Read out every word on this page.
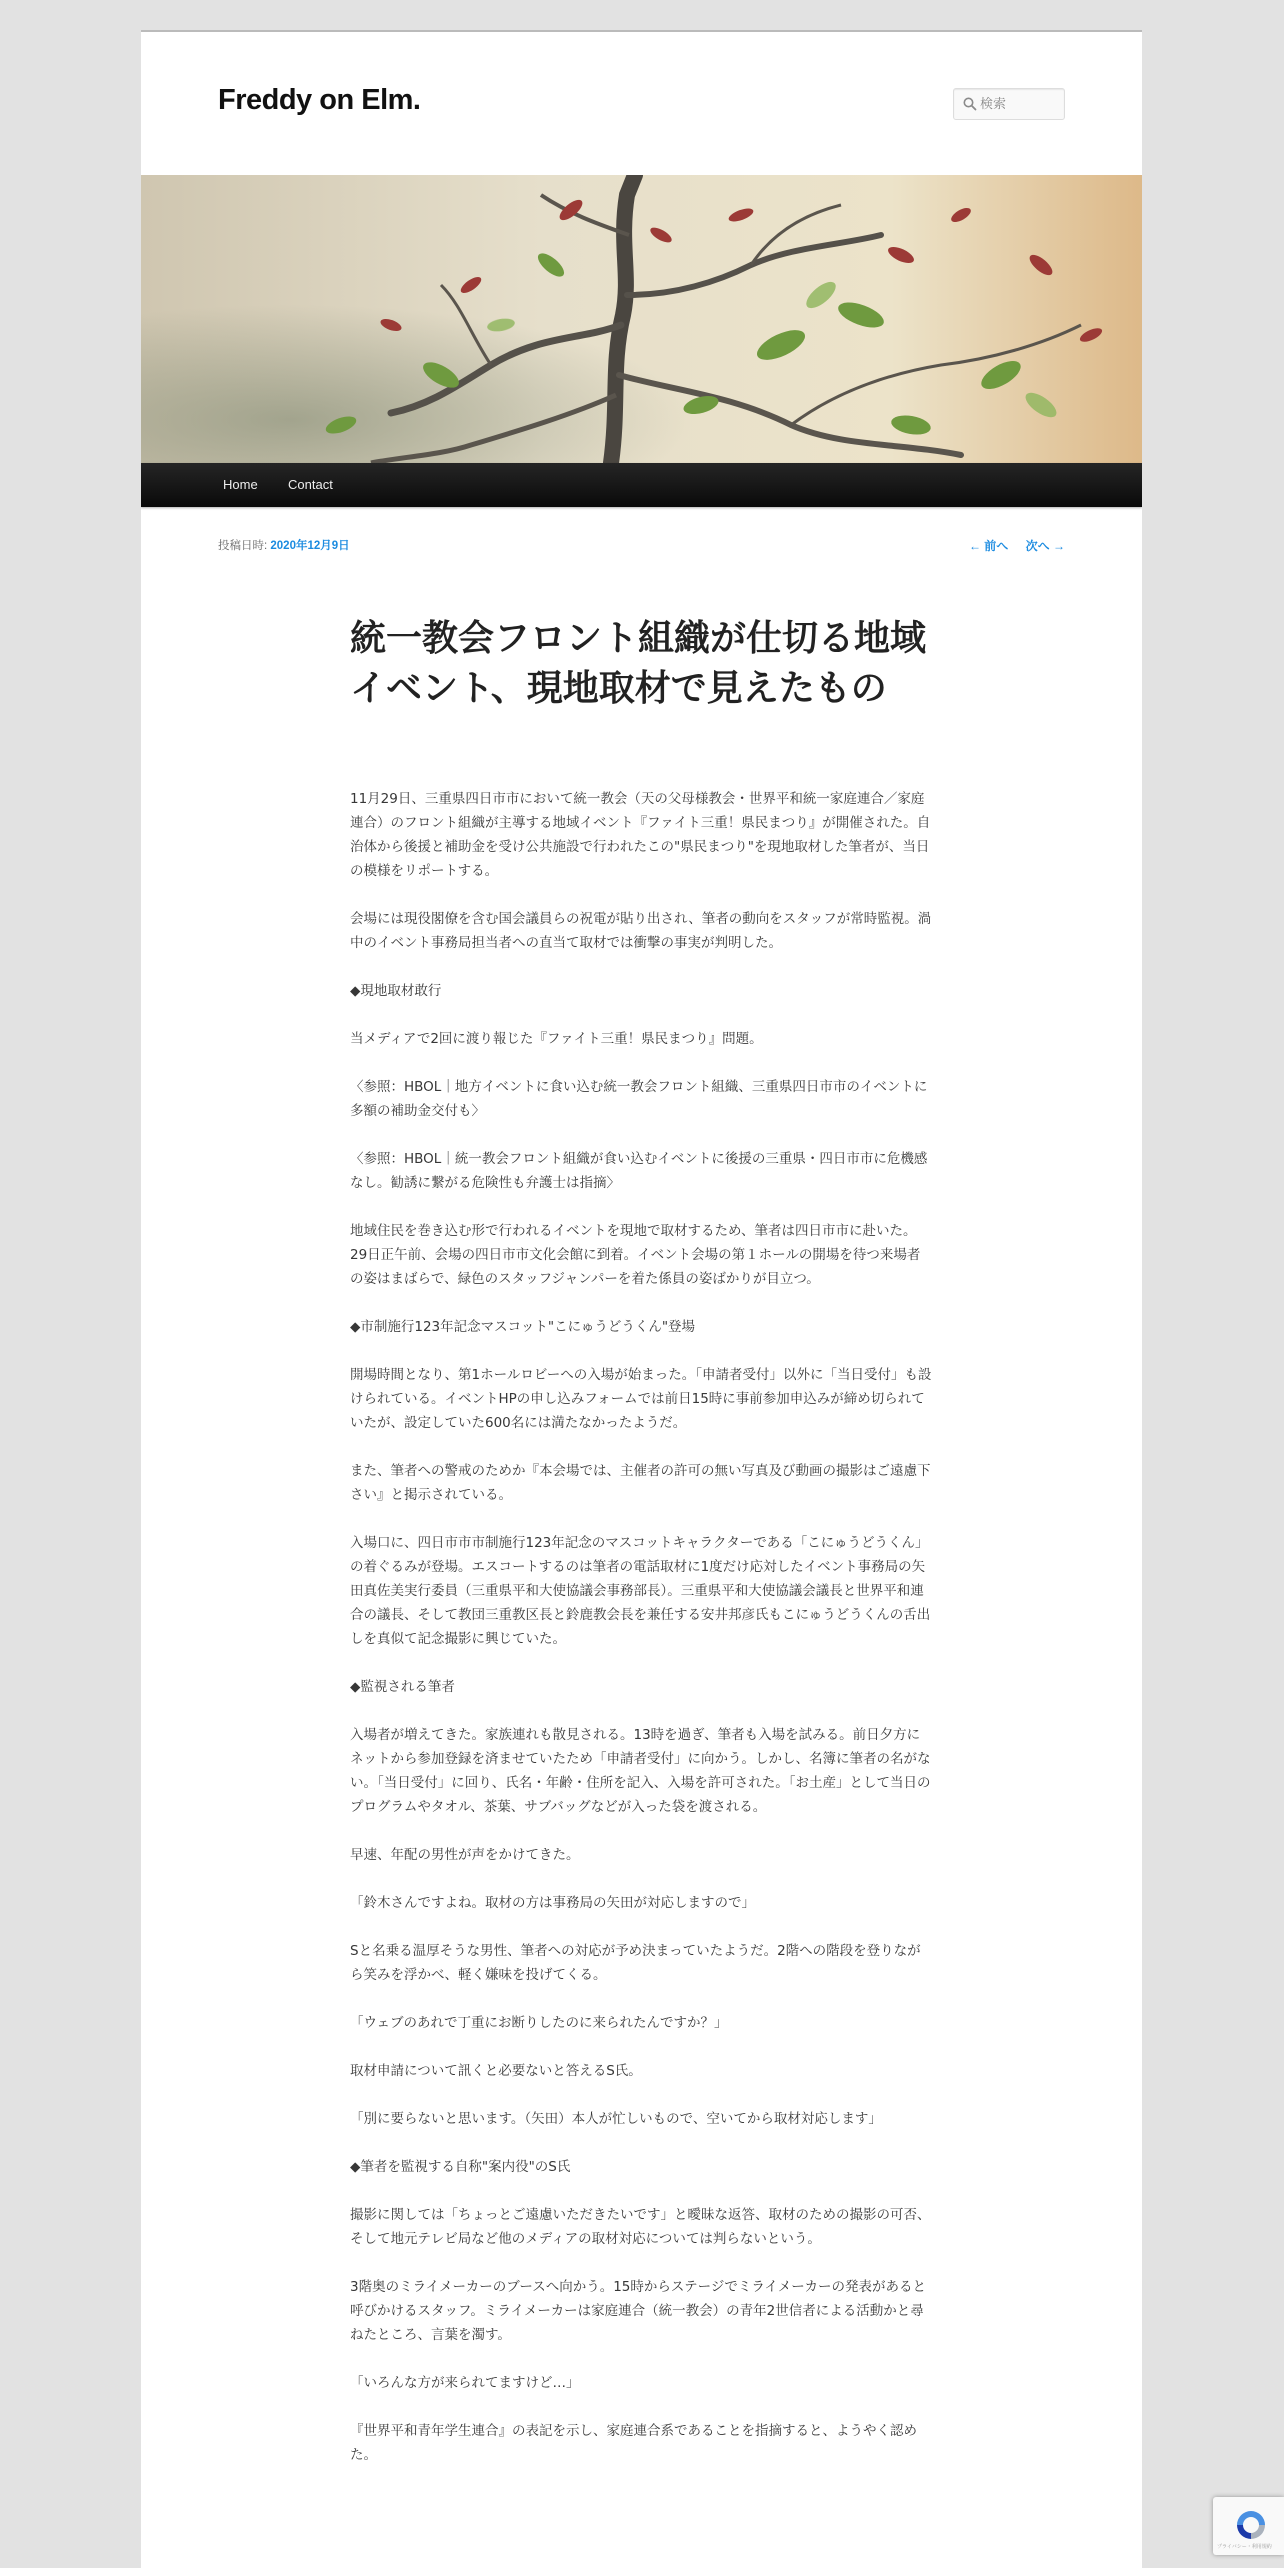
Freddy on Elm.
検索
Home Contact
投稿日時: 2020年12月9日	← 前へ 次へ →
統一教会フロント組織が仕切る地域イベント、現地取材で見えたもの

11月29日、三重県四日市市において統一教会（天の父母様教会・世界平和統一家庭連合／家庭連合）のフロント組織が主導する地域イベント『ファイト三重！県民まつり』が開催された。自治体から後援と補助金を受け公共施設で行われたこの"県民まつり"を現地取材した筆者が、当日の模様をリポートする。

会場には現役閣僚を含む国会議員らの祝電が貼り出され、筆者の動向をスタッフが常時監視。渦中のイベント事務局担当者への直当て取材では衝撃の事実が判明した。

◆現地取材敢行

当メディアで2回に渡り報じた『ファイト三重！県民まつり』問題。

〈参照：HBOL｜地方イベントに食い込む統一教会フロント組織、三重県四日市市のイベントに多額の補助金交付も〉

〈参照：HBOL｜統一教会フロント組織が食い込むイベントに後援の三重県・四日市市に危機感なし。勧誘に繋がる危険性も弁護士は指摘〉

地域住民を巻き込む形で行われるイベントを現地で取材するため、筆者は四日市市に赴いた。29日正午前、会場の四日市市文化会館に到着。イベント会場の第１ホールの開場を待つ来場者の姿はまばらで、緑色のスタッフジャンパーを着た係員の姿ばかりが目立つ。

◆市制施行123年記念マスコット"こにゅうどうくん"登場

開場時間となり、第1ホールロビーへの入場が始まった。「申請者受付」以外に「当日受付」も設けられている。イベントHPの申し込みフォームでは前日15時に事前参加申込みが締め切られていたが、設定していた600名には満たなかったようだ。

また、筆者への警戒のためか『本会場では、主催者の許可の無い写真及び動画の撮影はご遠慮下さい』と掲示されている。

入場口に、四日市市市制施行123年記念のマスコットキャラクターである「こにゅうどうくん」の着ぐるみが登場。エスコートするのは筆者の電話取材に1度だけ応対したイベント事務局の矢田真佐美実行委員（三重県平和大使協議会事務部長）。三重県平和大使協議会議長と世界平和連合の議長、そして教団三重教区長と鈴鹿教会長を兼任する安井邦彦氏もこにゅうどうくんの舌出しを真似て記念撮影に興じていた。

◆監視される筆者

入場者が増えてきた。家族連れも散見される。13時を過ぎ、筆者も入場を試みる。前日夕方にネットから参加登録を済ませていたため「申請者受付」に向かう。しかし、名簿に筆者の名がない。「当日受付」に回り、氏名・年齢・住所を記入、入場を許可された。「お土産」として当日のプログラムやタオル、茶葉、サブバッグなどが入った袋を渡される。

早速、年配の男性が声をかけてきた。

「鈴木さんですよね。取材の方は事務局の矢田が対応しますので」

Sと名乗る温厚そうな男性、筆者への対応が予め決まっていたようだ。2階への階段を登りながら笑みを浮かべ、軽く嫌味を投げてくる。

「ウェブのあれで丁重にお断りしたのに来られたんですか？」

取材申請について訊くと必要ないと答えるS氏。

「別に要らないと思います。（矢田）本人が忙しいもので、空いてから取材対応します」

◆筆者を監視する自称"案内役"のS氏

撮影に関しては「ちょっとご遠慮いただきたいです」と曖昧な返答、取材のための撮影の可否、そして地元テレビ局など他のメディアの取材対応については判らないという。

3階奥のミライメーカーのブースへ向かう。15時からステージでミライメーカーの発表があると呼びかけるスタッフ。ミライメーカーは家庭連合（統一教会）の青年2世信者による活動かと尋ねたところ、言葉を濁す。

「いろんな方が来られてますけど…」

『世界平和青年学生連合』の表記を示し、家庭連合系であることを指摘すると、ようやく認めた。

プライバシー・利用規約
